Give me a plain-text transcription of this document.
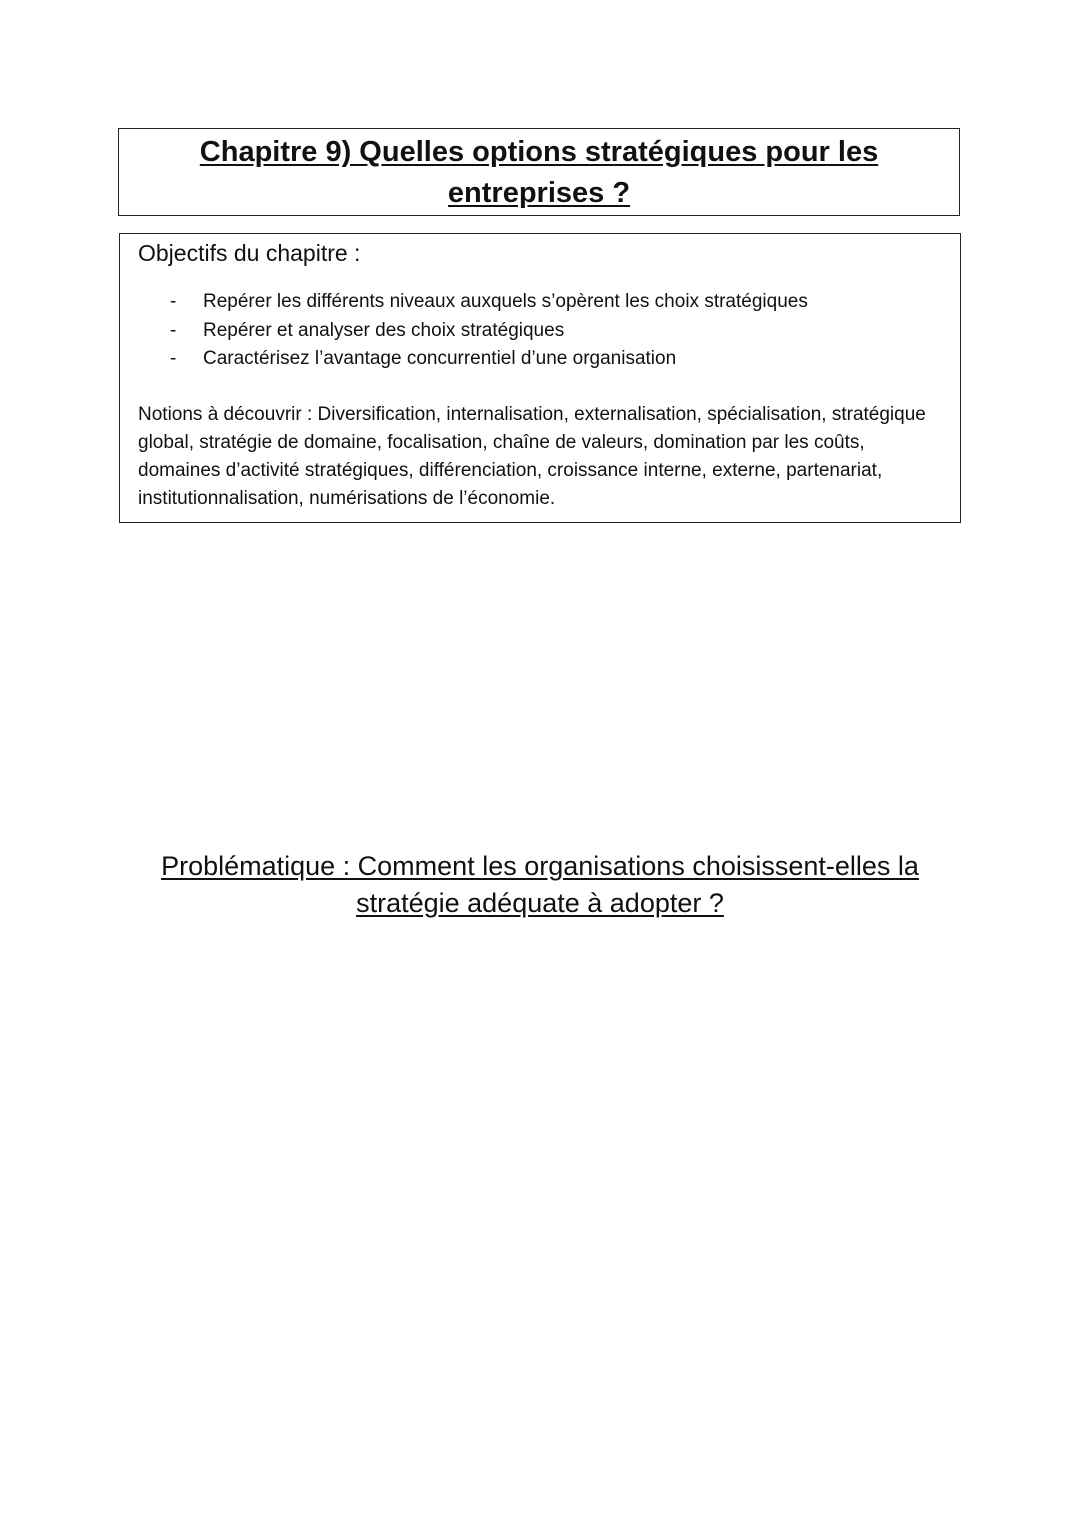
Chapitre 9) Quelles options stratégiques pour les
entreprises ?

Objectifs du chapitre :

- Repérer les différents niveaux auxquels s’opèrent les choix stratégiques
- Repérer et analyser des choix stratégiques
- Caractérisez l’avantage concurrentiel d’une organisation

Notions à découvrir : Diversification, internalisation, externalisation, spécialisation, stratégique global, stratégie de domaine, focalisation, chaîne de valeurs, domination par les coûts, domaines d’activité stratégiques, différenciation, croissance interne, externe, partenariat, institutionnalisation, numérisations de l’économie.

Problématique : Comment les organisations choisissent-elles la
stratégie adéquate à adopter ?
